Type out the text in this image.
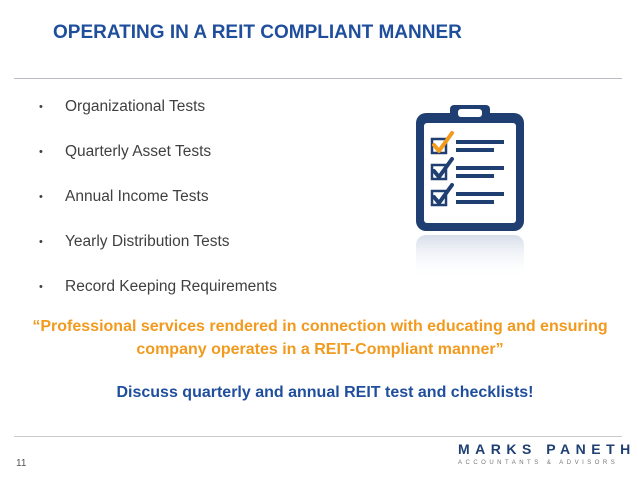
OPERATING IN A REIT COMPLIANT MANNER
•	Organizational Tests
•	Quarterly Asset Tests
•	Annual Income Tests
•	Yearly Distribution Tests
•	Record Keeping Requirements
“Professional services rendered in connection with educating and ensuring company operates in a REIT-Compliant manner”
Discuss quarterly and annual REIT test and checklists!
11
MARKS PANETH
ACCOUNTANTS & ADVISORS
